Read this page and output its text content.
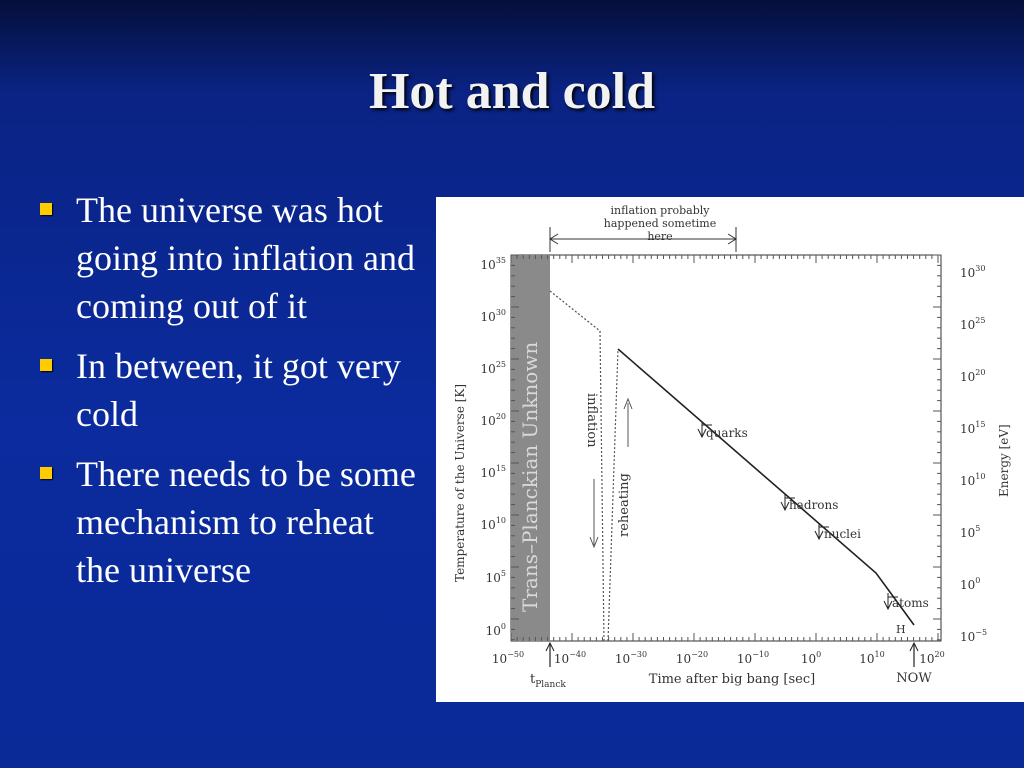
Hot and cold
The universe was hot going into inflation and coming out of it
In between, it got very cold
There needs to be some mechanism to reheat the universe
inflation probably
happened sometime
here
Trans–Planckian Unknown
$10^{35}$
$10^{30}$
$10^{25}$
$10^{20}$
$10^{15}$
$10^{10}$
$10^5$
$10^0$
$10^{30}$
$10^{25}$
$10^{20}$
$10^{15}$
$10^{10}$
$10^5$
$10^0$
$10^{-5}$
$10^{-50}$ $10^{-40}$ $10^{-30}$ $10^{-20}$ $10^{-10}$	$10^0$	$10^{10}$	$10^{20}$
Temperature of the Universe [K]	Energy [eV]
Time after big bang [sec]
$t_{Planck}$	NOW
inflation
reheating
quarks
hadrons
nuclei
atoms
H
